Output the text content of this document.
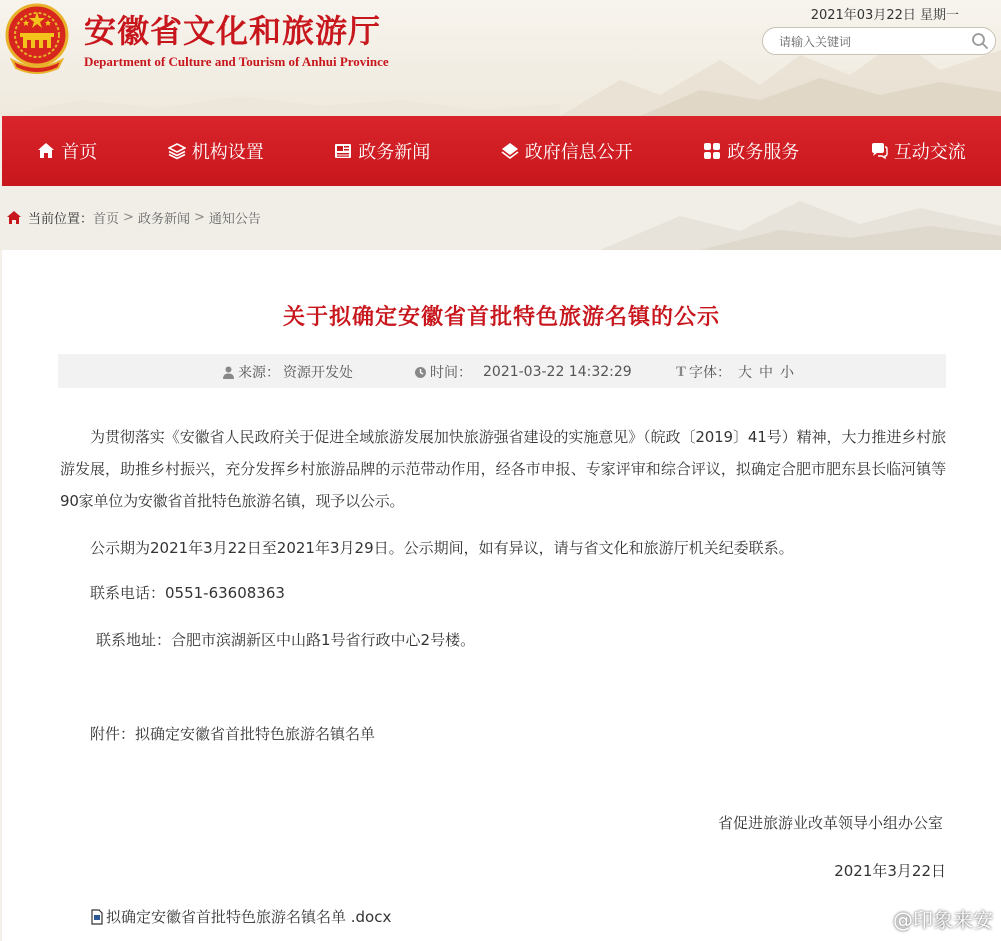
安徽省文化和旅游厅
Department of Culture and Tourism of Anhui Province
2021年03月22日 星期一
请输入关键词
首页	机构设置	政务新闻	政府信息公开	政务服务	互动交流
当前位置： 首页 > 政务新闻 > 通知公告
关于拟确定安徽省首批特色旅游名镇的公示
来源： 资源开发处	时间： 2021-03-22 14:32:29	T 字体： 大 中 小
为贯彻落实《安徽省人民政府关于促进全域旅游发展加快旅游强省建设的实施意见》（皖政〔2019〕41号）精神，大力推进乡村旅游发展，助推乡村振兴，充分发挥乡村旅游品牌的示范带动作用，经各市申报、专家评审和综合评议，拟确定合肥市肥东县长临河镇等90家单位为安徽省首批特色旅游名镇，现予以公示。
公示期为2021年3月22日至2021年3月29日。公示期间，如有异议，请与省文化和旅游厅机关纪委联系。
联系电话：0551-63608363
联系地址：合肥市滨湖新区中山路1号省行政中心2号楼。
附件：拟确定安徽省首批特色旅游名镇名单
省促进旅游业改革领导小组办公室
2021年3月22日
拟确定安徽省首批特色旅游名镇名单 .docx	@印象来安
